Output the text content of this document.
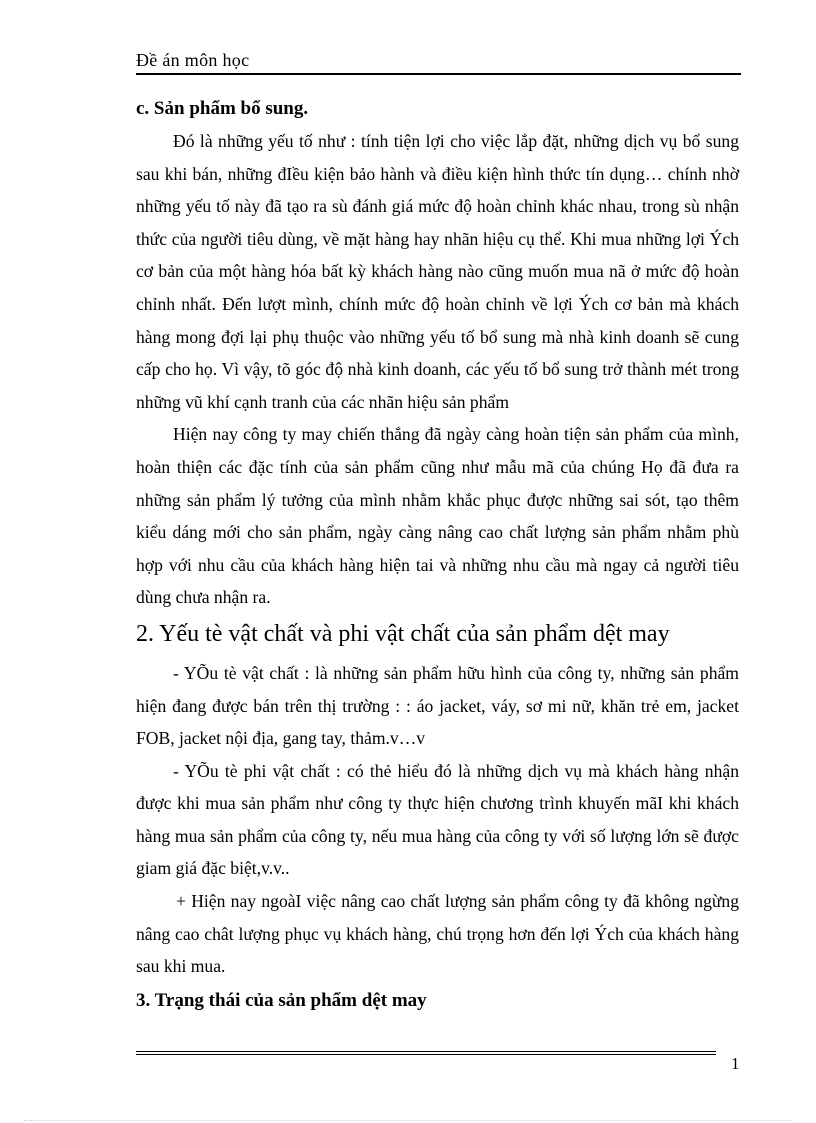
Đề án môn học

c. Sản phẩm bổ sung.

Đó là những yếu tố như : tính tiện lợi cho việc lắp đặt, những dịch vụ bổ sung sau khi bán, những đIều kiện bảo hành và điều kiện hình thức tín dụng… chính nhờ những yếu tố này đã tạo ra sù đánh giá mức độ hoàn chỉnh khác nhau, trong sù nhận thức của người tiêu dùng, về mặt hàng hay nhãn hiệu cụ thể. Khi mua những lợi Ých cơ bản của một hàng hóa bất kỳ khách hàng nào cũng muốn mua nã ở mức độ hoàn chỉnh nhất. Đến lượt mình, chính mức độ hoàn chỉnh về lợi Ých cơ bản mà khách hàng mong đợi lại phụ thuộc vào những yếu tố bổ sung mà nhà kinh doanh sẽ cung cấp cho họ. Vì vậy, tõ góc độ nhà kinh doanh, các yếu tố bổ sung trở thành mét trong những vũ khí cạnh tranh của các nhãn hiệu sản phẩm

Hiện nay công ty may chiến thắng đã ngày càng hoàn tiện sản phẩm của mình, hoàn thiện các đặc tính của sản phẩm cũng như mẫu mã của chúng Họ đã đưa ra những sản phẩm lý tưởng của mình nhằm khắc phục được những sai sót, tạo thêm kiểu dáng mới cho sản phẩm, ngày càng nâng cao chất lượng sản phẩm nhằm phù hợp với nhu cầu của khách hàng hiện tai và những nhu cầu mà ngay cả người tiêu dùng chưa nhận ra.

2. Yếu tè vật chất và phi vật chất của sản phẩm dệt may

- YÕu tè vật chất : là những sản phẩm hữu hình của công ty, những sản phẩm hiện đang được bán trên thị trường : : áo jacket, váy, sơ mi nữ, khăn trẻ em, jacket FOB, jacket nội địa, gang tay, thảm.v…v

- YÕu tè phi vật chất : có thẻ hiểu đó là những dịch vụ mà khách hàng nhận được khi mua sản phẩm như công ty thực hiện chương trình khuyến mãI khi khách hàng mua sản phẩm của công ty, nếu mua hàng của công ty với số lượng lớn sẽ được giam giá đặc biệt,v.v..

+ Hiện nay ngoàI việc nâng cao chất lượng sản phẩm công ty đã không ngừng nâng cao chât lượng phục vụ khách hàng, chú trọng hơn đến lợi Ých của khách hàng sau khi mua.

3. Trạng thái của sản phẩm dệt may

1
